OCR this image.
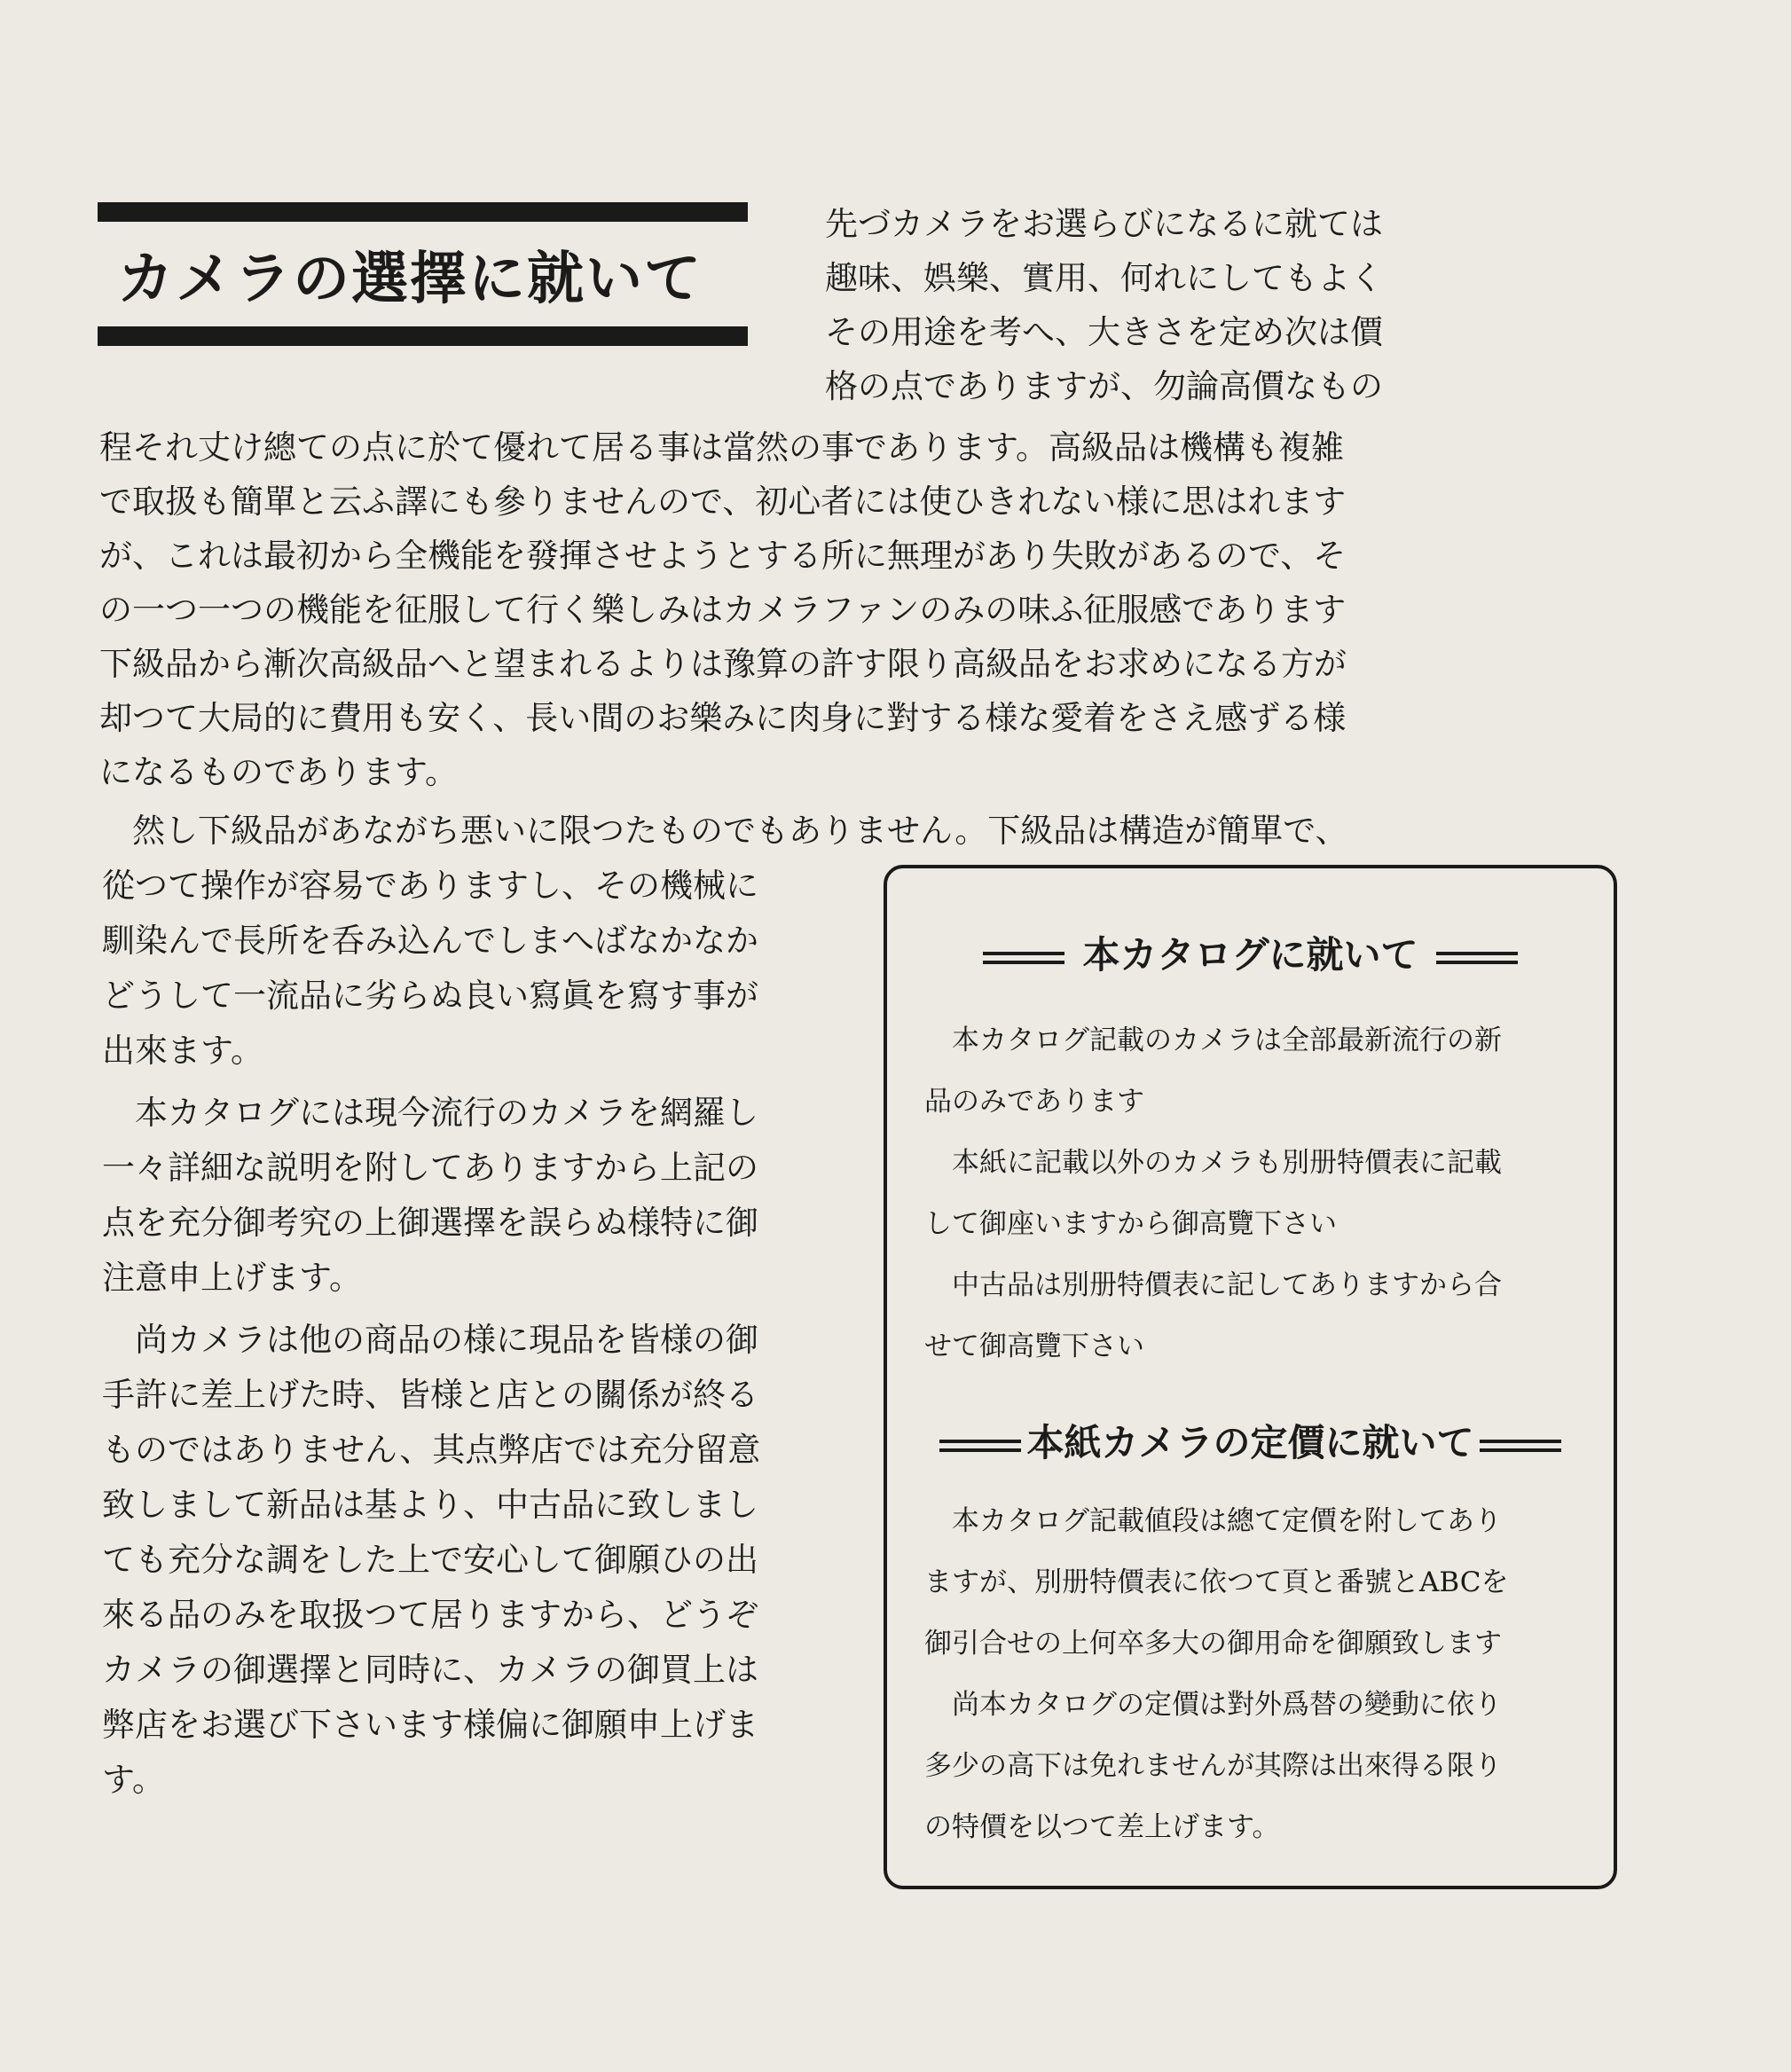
カメラの選擇に就いて
先づカメラをお選らびになるに就ては
趣味、娯樂、實用、何れにしてもよく
その用途を考へ、大きさを定め次は價
格の点でありますが、勿論高價なもの
程それ丈け總ての点に於て優れて居る事は當然の事であります。高級品は機構も複雑
で取扱も簡單と云ふ譯にも參りませんので、初心者には使ひきれない様に思はれます
が、これは最初から全機能を發揮させようとする所に無理があり失敗があるので、そ
の一つ一つの機能を征服して行く樂しみはカメラファンのみの味ふ征服感であります
下級品から漸次高級品へと望まれるよりは豫算の許す限り高級品をお求めになる方が
却つて大局的に費用も安く、長い間のお樂みに肉身に對する様な愛着をさえ感ずる様
になるものであります。
　然し下級品があながち悪いに限つたものでもありません。下級品は構造が簡單で、
從つて操作が容易でありますし、その機械に
馴染んで長所を呑み込んでしまへばなかなか
どうして一流品に劣らぬ良い寫眞を寫す事が
出來ます。
　本カタログには現今流行のカメラを網羅し
一々詳細な説明を附してありますから上記の
点を充分御考究の上御選擇を誤らぬ様特に御
注意申上げます。
　尚カメラは他の商品の様に現品を皆様の御
手許に差上げた時、皆様と店との關係が終る
ものではありません、其点弊店では充分留意
致しまして新品は基より、中古品に致しまし
ても充分な調をした上で安心して御願ひの出
來る品のみを取扱つて居りますから、どうぞ
カメラの御選擇と同時に、カメラの御買上は
弊店をお選び下さいます様偏に御願申上げま
す。
本カタログに就いて
　本カタログ記載のカメラは全部最新流行の新
品のみであります
　本紙に記載以外のカメラも別册特價表に記載
して御座いますから御高覽下さい
　中古品は別册特價表に記してありますから合
せて御高覽下さい
本紙カメラの定價に就いて
　本カタログ記載値段は總て定價を附してあり
ますが、別册特價表に依つて頁と番號とABCを
御引合せの上何卒多大の御用命を御願致します
　尚本カタログの定價は對外爲替の變動に依り
多少の高下は免れませんが其際は出來得る限り
の特價を以つて差上げます。
